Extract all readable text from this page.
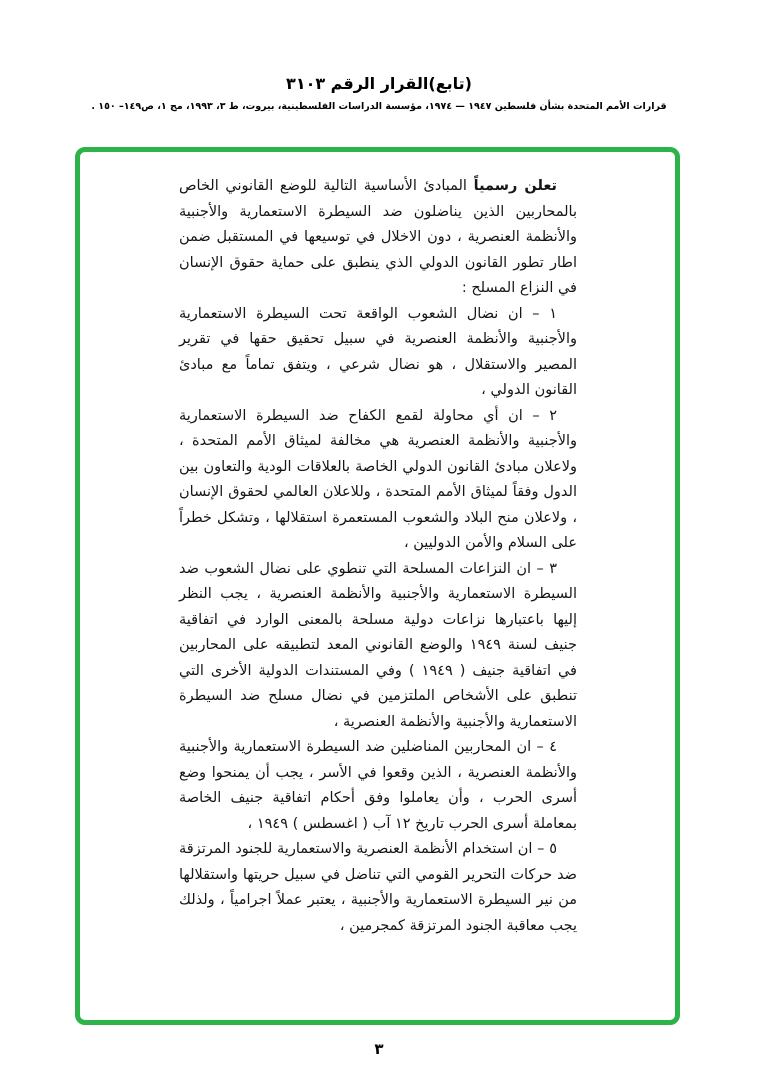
(تابع)القرار الرقم ٣١٠٣
قرارات الأمم المتحدة بشأن فلسطين ١٩٤٧ — ١٩٧٤، مؤسسة الدراسات الفلسطينية، بيروت، ط ٣، ١٩٩٣، مج ١، ص١٤٩– ١٥٠ .

تعلن رسمياً المبادئ الأساسية التالية للوضع القانوني الخاص بالمحاربين الذين يناضلون ضد السيطرة الاستعمارية والأجنبية والأنظمة العنصرية ، دون الاخلال في توسيعها في المستقبل ضمن اطار تطور القانون الدولي الذي ينطبق على حماية حقوق الإنسان في النزاع المسلح :

١ – ان نضال الشعوب الواقعة تحت السيطرة الاستعمارية والأجنبية والأنظمة العنصرية في سبيل تحقيق حقها في تقرير المصير والاستقلال ، هو نضال شرعي ، ويتفق تماماً مع مبادئ القانون الدولي ،

٢ – ان أي محاولة لقمع الكفاح ضد السيطرة الاستعمارية والأجنبية والأنظمة العنصرية هي مخالفة لميثاق الأمم المتحدة ، ولاعلان مبادئ القانون الدولي الخاصة بالعلاقات الودية والتعاون بين الدول وفقاً لميثاق الأمم المتحدة ، وللاعلان العالمي لحقوق الإنسان ، ولاعلان منح البلاد والشعوب المستعمرة استقلالها ، وتشكل خطراً على السلام والأمن الدوليين ،

٣ – ان النزاعات المسلحة التي تنطوي على نضال الشعوب ضد السيطرة الاستعمارية والأجنبية والأنظمة العنصرية ، يجب النظر إليها باعتبارها نزاعات دولية مسلحة بالمعنى الوارد في اتفاقية جنيف لسنة ١٩٤٩ والوضع القانوني المعد لتطبيقه على المحاربين في اتفاقية جنيف ( ١٩٤٩ ) وفي المستندات الدولية الأخرى التي تنطبق على الأشخاص الملتزمين في نضال مسلح ضد السيطرة الاستعمارية والأجنبية والأنظمة العنصرية ،

٤ – ان المحاربين المناضلين ضد السيطرة الاستعمارية والأجنبية والأنظمة العنصرية ، الذين وقعوا في الأسر ، يجب أن يمنحوا وضع أسرى الحرب ، وأن يعاملوا وفق أحكام اتفاقية جنيف الخاصة بمعاملة أسرى الحرب تاريخ ١٢ آب ( اغسطس ) ١٩٤٩ ،

٥ – ان استخدام الأنظمة العنصرية والاستعمارية للجنود المرتزقة ضد حركات التحرير القومي التي تناضل في سبيل حريتها واستقلالها من نير السيطرة الاستعمارية والأجنبية ، يعتبر عملاً اجرامياً ، ولذلك يجب معاقبة الجنود المرتزقة كمجرمين ،

٣
